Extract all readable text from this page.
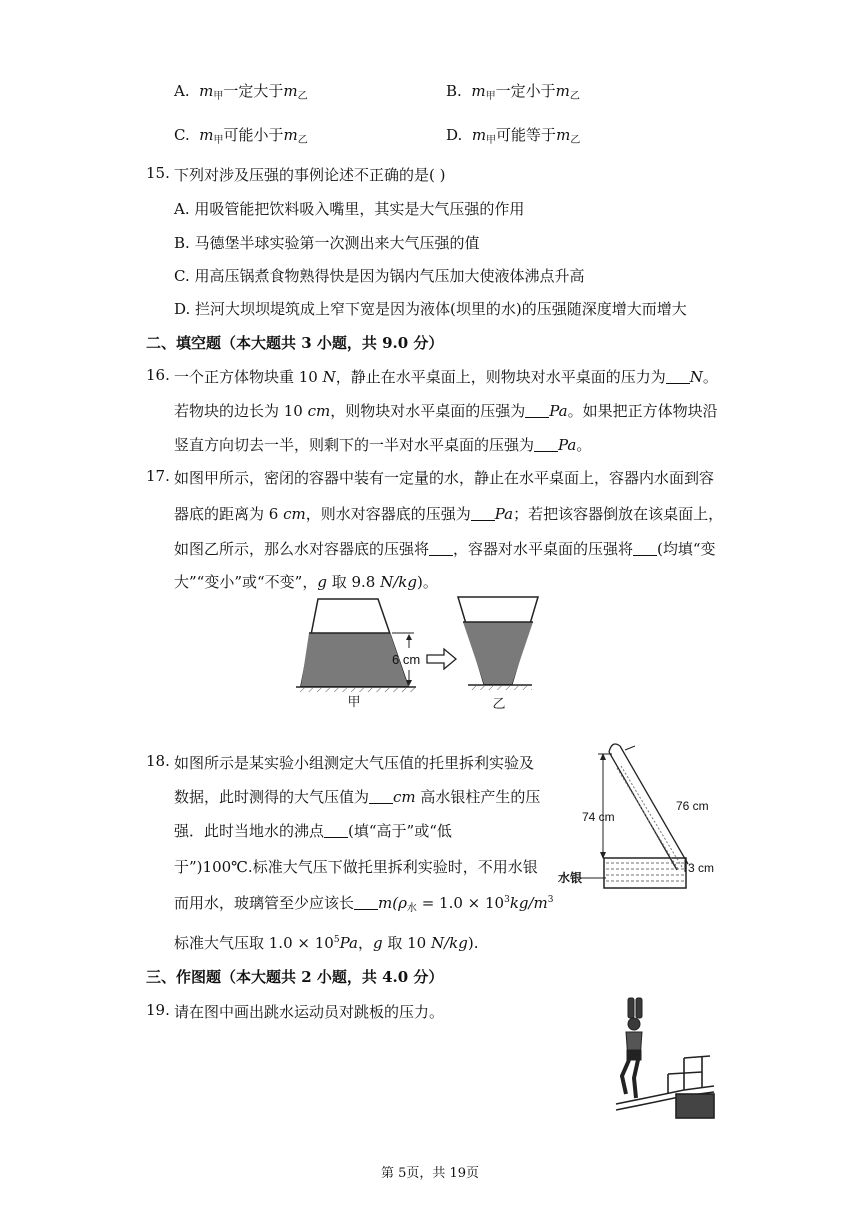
A. $m_甲$一定大于$m_乙$	B. $m_甲$一定小于$m_乙$
C. $m_甲$可能小于$m_乙$	D. $m_甲$可能等于$m_乙$
15. 下列对涉及压强的事例论述不正确的是( )
A. 用吸管能把饮料吸入嘴里，其实是大气压强的作用
B. 马德堡半球实验第一次测出来大气压强的值
C. 用高压锅煮食物熟得快是因为锅内气压加大使液体沸点升高
D. 拦河大坝坝堤筑成上窄下宽是因为液体(坝里的水)的压强随深度增大而增大
二、填空题（本大题共 3 小题，共 9.0 分）
16. 一个正方体物块重 10 N，静止在水平桌面上，则物块对水平桌面的压力为 N。
若物块的边长为 10 cm，则物块对水平桌面的压强为 Pa。如果把正方体物块沿
竖直方向切去一半，则剩下的一半对水平桌面的压强为 Pa。
17. 如图甲所示，密闭的容器中装有一定量的水，静止在水平桌面上，容器内水面到容
器底的距离为 6 cm，则水对容器底的压强为 Pa；若把该容器倒放在该桌面上，
如图乙所示，那么水对容器底的压强将 ，容器对水平桌面的压强将 (均填“变
大”“变小”或“不变”，g 取 9.8 N/kg)。
6 cm
甲	乙
18. 如图所示是某实验小组测定大气压值的托里拆利实验及
数据，此时测得的大气压值为 cm 高水银柱产生的压
强．此时当地水的沸点 (填“高于”或“低
于”)100℃.标准大气压下做托里拆利实验时，不用水银
而用水，玻璃管至少应该长 $m(\rho_水 = 1.0 \times 10^3kg/m^3$
标准大气压取 $1.0 \times 10^5Pa$，g 取 10 N/kg).
74 cm
76 cm
3 cm
水银
三、作图题（本大题共 2 小题，共 4.0 分）
19. 请在图中画出跳水运动员对跳板的压力。
第 5页，共 19页
